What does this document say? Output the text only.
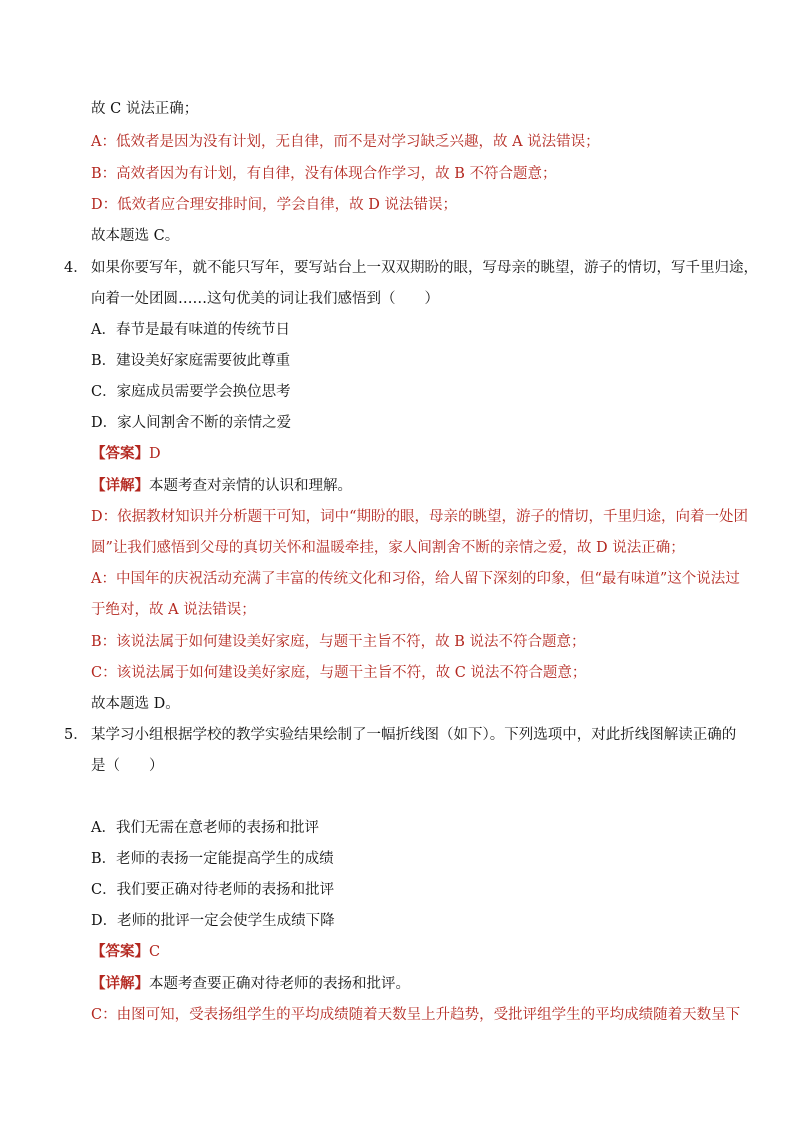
故 C 说法正确；
A：低效者是因为没有计划，无自律，而不是对学习缺乏兴趣，故 A 说法错误；
B：高效者因为有计划，有自律，没有体现合作学习，故 B 不符合题意；
D：低效者应合理安排时间，学会自律，故 D 说法错误；
故本题选 C。
4． 如果你要写年，就不能只写年，要写站台上一双双期盼的眼，写母亲的眺望，游子的情切，写千里归途，
向着一处团圆……这句优美的词让我们感悟到（　　）
A．春节是最有味道的传统节日
B．建设美好家庭需要彼此尊重
C．家庭成员需要学会换位思考
D．家人间割舍不断的亲情之爱
【答案】D
【详解】本题考查对亲情的认识和理解。
D：依据教材知识并分析题干可知，词中“期盼的眼，母亲的眺望，游子的情切，千里归途，向着一处团
圆”让我们感悟到父母的真切关怀和温暖牵挂，家人间割舍不断的亲情之爱，故 D 说法正确；
A：中国年的庆祝活动充满了丰富的传统文化和习俗，给人留下深刻的印象，但“最有味道”这个说法过
于绝对，故 A 说法错误；
B：该说法属于如何建设美好家庭，与题干主旨不符，故 B 说法不符合题意；
C：该说法属于如何建设美好家庭，与题干主旨不符，故 C 说法不符合题意；
故本题选 D。
5． 某学习小组根据学校的教学实验结果绘制了一幅折线图（如下）。下列选项中，对此折线图解读正确的
是（　　）
A．我们无需在意老师的表扬和批评
B．老师的表扬一定能提高学生的成绩
C．我们要正确对待老师的表扬和批评
D．老师的批评一定会使学生成绩下降
【答案】C
【详解】本题考查要正确对待老师的表扬和批评。
C：由图可知，受表扬组学生的平均成绩随着天数呈上升趋势，受批评组学生的平均成绩随着天数呈下
